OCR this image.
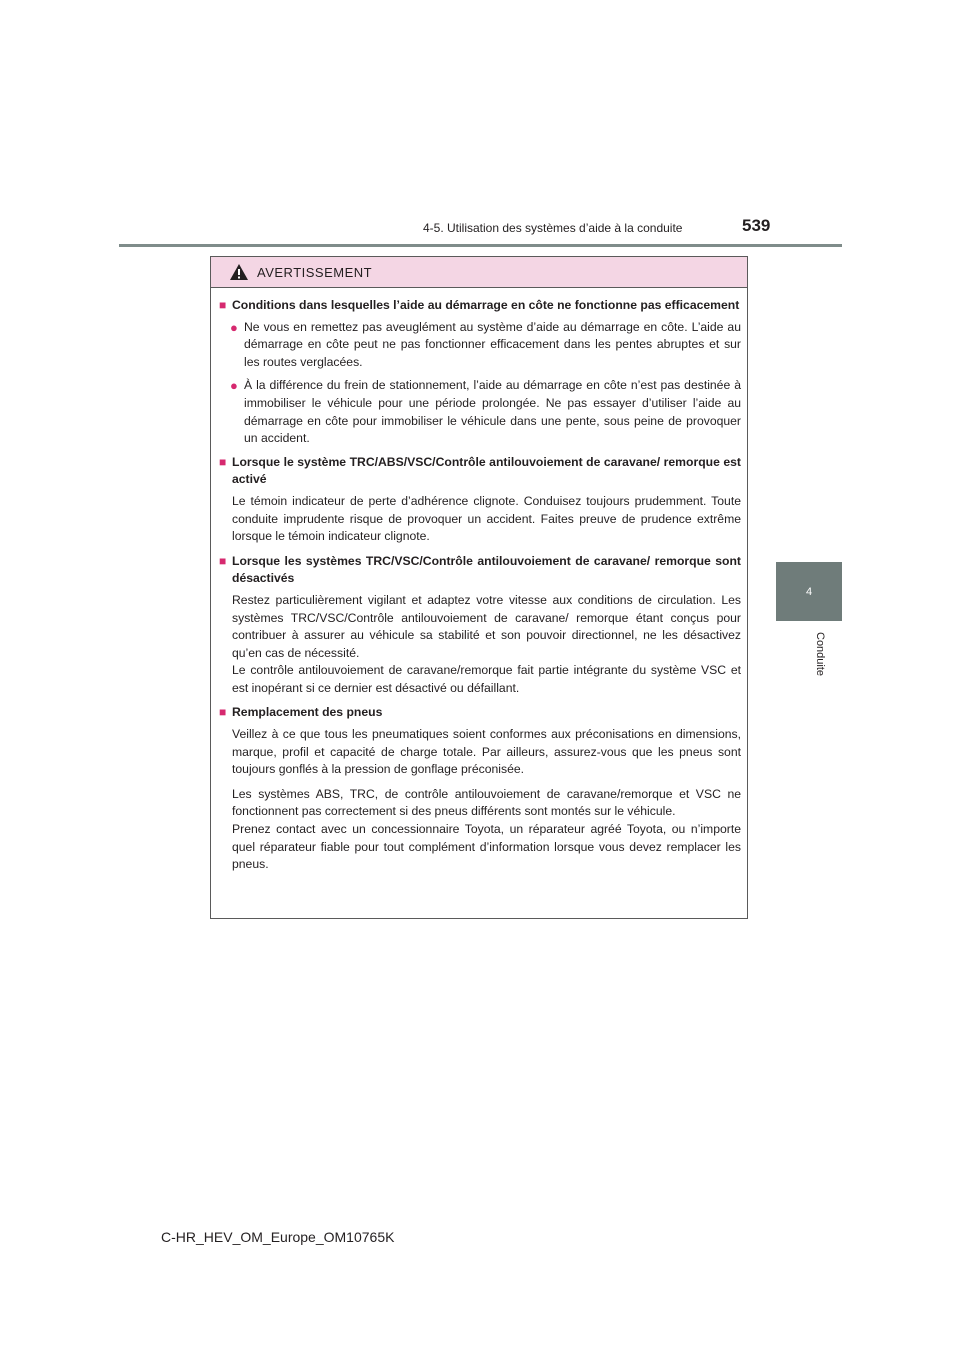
4-5. Utilisation des systèmes d’aide à la conduite	539
4
Conduite
AVERTISSEMENT
■ Conditions dans lesquelles l’aide au démarrage en côte ne fonctionne pas efficacement
● Ne vous en remettez pas aveuglément au système d’aide au démarrage en côte. L’aide au démarrage en côte peut ne pas fonctionner efficacement dans les pentes abruptes et sur les routes verglacées.
● À la différence du frein de stationnement, l’aide au démarrage en côte n’est pas destinée à immobiliser le véhicule pour une période prolongée. Ne pas essayer d’utiliser l’aide au démarrage en côte pour immobiliser le véhicule dans une pente, sous peine de provoquer un accident.
■ Lorsque le système TRC/ABS/VSC/Contrôle antilouvoiement de caravane/ remorque est activé

Le témoin indicateur de perte d’adhérence clignote. Conduisez toujours prudemment. Toute conduite imprudente risque de provoquer un accident. Faites preuve de prudence extrême lorsque le témoin indicateur clignote.

■ Lorsque les systèmes TRC/VSC/Contrôle antilouvoiement de caravane/ remorque sont désactivés

Restez particulièrement vigilant et adaptez votre vitesse aux conditions de circulation. Les systèmes TRC/VSC/Contrôle antilouvoiement de caravane/ remorque étant conçus pour contribuer à assurer au véhicule sa stabilité et son pouvoir directionnel, ne les désactivez qu’en cas de nécessité.

Le contrôle antilouvoiement de caravane/remorque fait partie intégrante du système VSC et est inopérant si ce dernier est désactivé ou défaillant.

■ Remplacement des pneus

Veillez à ce que tous les pneumatiques soient conformes aux préconisations en dimensions, marque, profil et capacité de charge totale. Par ailleurs, assurez-vous que les pneus sont toujours gonflés à la pression de gonflage préconisée.

Les systèmes ABS, TRC, de contrôle antilouvoiement de caravane/remorque et VSC ne fonctionnent pas correctement si des pneus différents sont montés sur le véhicule.

Prenez contact avec un concessionnaire Toyota, un réparateur agréé Toyota, ou n’importe quel réparateur fiable pour tout complément d’information lorsque vous devez remplacer les pneus.

C-HR_HEV_OM_Europe_OM10765K
